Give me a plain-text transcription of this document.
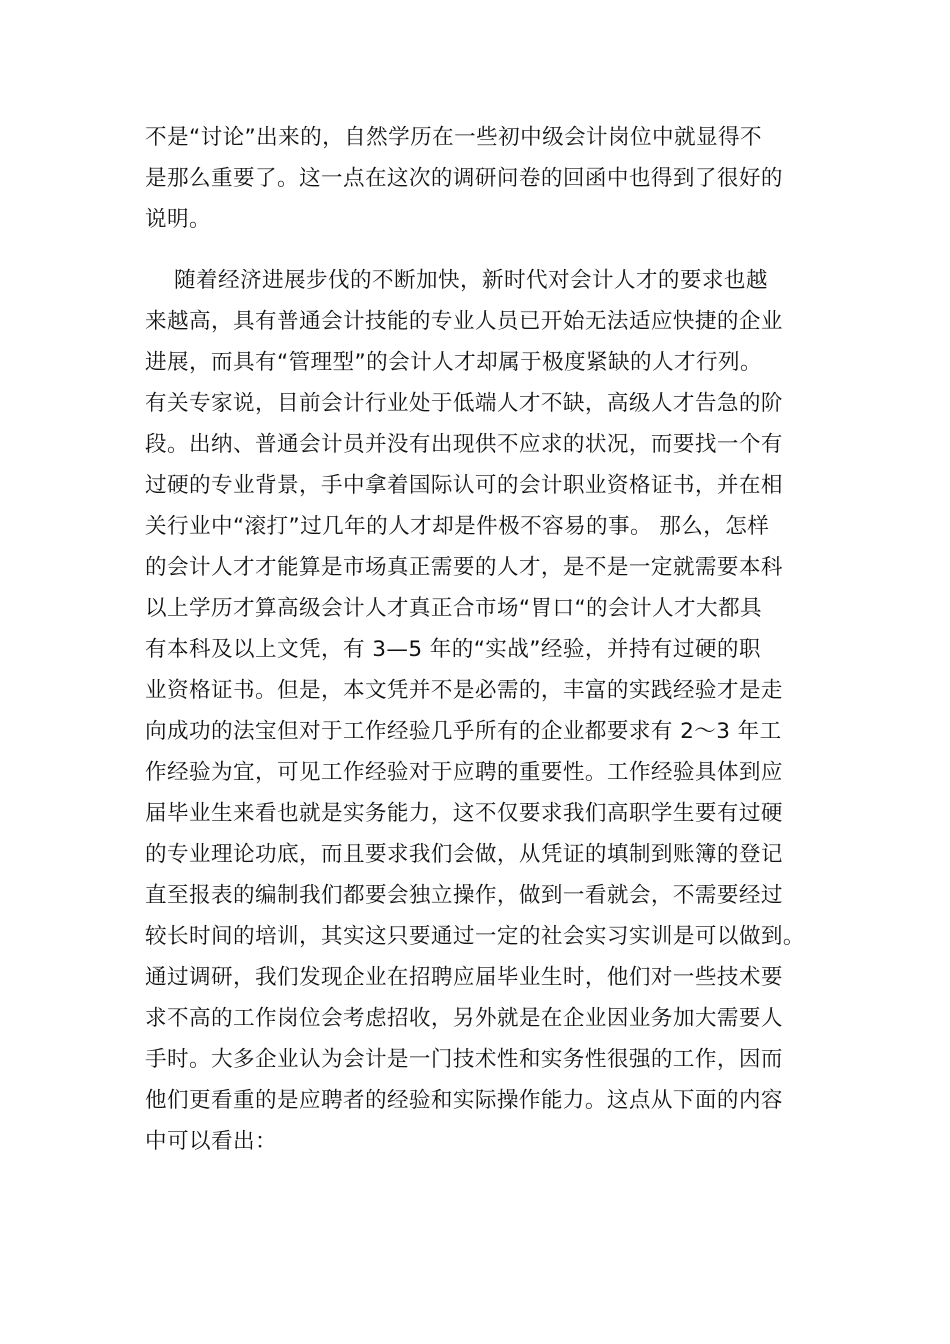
不是“讨论”出来的，自然学历在一些初中级会计岗位中就显得不
是那么重要了。这一点在这次的调研问卷的回函中也得到了很好的
说明。
随着经济进展步伐的不断加快，新时代对会计人才的要求也越
来越高，具有普通会计技能的专业人员已开始无法适应快捷的企业
进展，而具有“管理型”的会计人才却属于极度紧缺的人才行列。
有关专家说，目前会计行业处于低端人才不缺，高级人才告急的阶
段。出纳、普通会计员并没有出现供不应求的状况，而要找一个有
过硬的专业背景，手中拿着国际认可的会计职业资格证书，并在相
关行业中“滚打”过几年的人才却是件极不容易的事。 那么，怎样
的会计人才才能算是市场真正需要的人才，是不是一定就需要本科
以上学历才算高级会计人才真正合市场“胃口“的会计人才大都具
有本科及以上文凭，有 3—5 年的“实战”经验，并持有过硬的职
业资格证书。但是，本文凭并不是必需的，丰富的实践经验才是走
向成功的法宝但对于工作经验几乎所有的企业都要求有 2～3 年工
作经验为宜，可见工作经验对于应聘的重要性。工作经验具体到应
届毕业生来看也就是实务能力，这不仅要求我们高职学生要有过硬
的专业理论功底，而且要求我们会做，从凭证的填制到账簿的登记
直至报表的编制我们都要会独立操作，做到一看就会，不需要经过
较长时间的培训，其实这只要通过一定的社会实习实训是可以做到。
通过调研，我们发现企业在招聘应届毕业生时，他们对一些技术要
求不高的工作岗位会考虑招收，另外就是在企业因业务加大需要人
手时。大多企业认为会计是一门技术性和实务性很强的工作，因而
他们更看重的是应聘者的经验和实际操作能力。这点从下面的内容
中可以看出：
